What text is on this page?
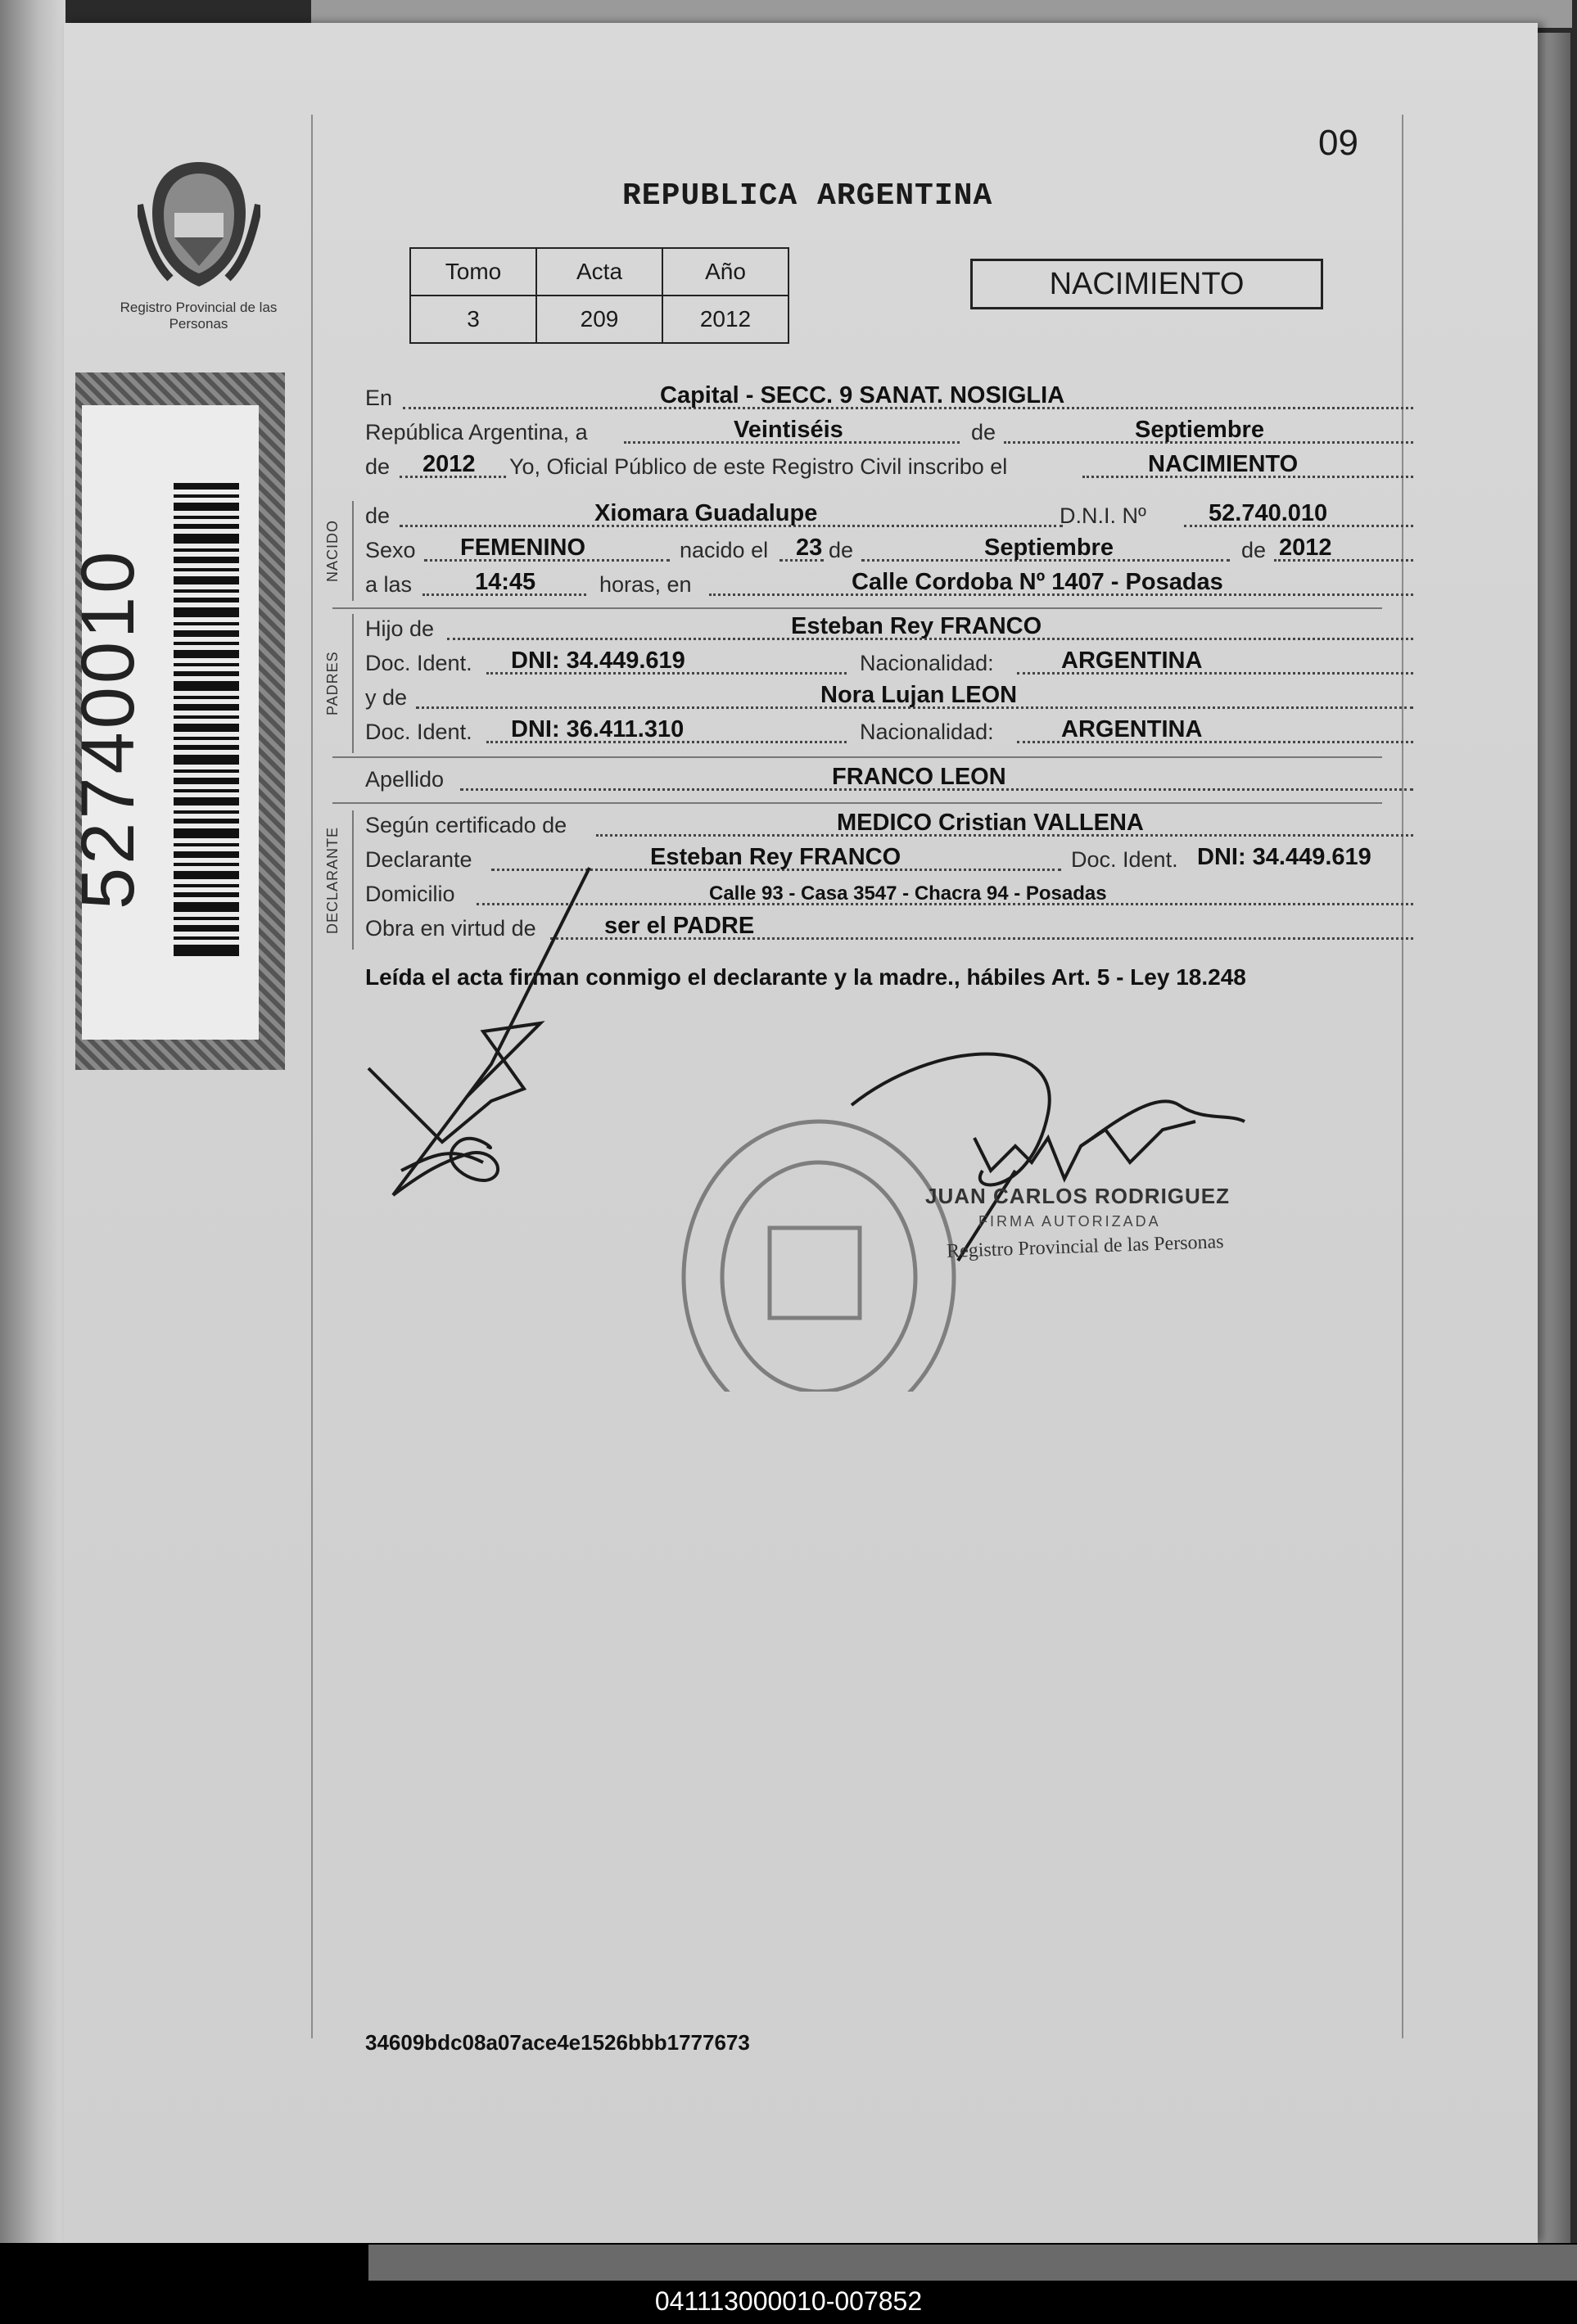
Registro Provincial de las Personas
52740010
09
REPUBLICA ARGENTINA
Tomo	Acta	Año
3	209	2012
NACIMIENTO
En	Capital - SECC. 9 SANAT. NOSIGLIA
República Argentina, a	Veintiséis	de	Septiembre
de 2012 Yo, Oficial Público de este Registro Civil inscribo el	NACIMIENTO
NACIDO
de	Xiomara Guadalupe	D.N.I. Nº	52.740.010
Sexo FEMENINO	nacido el 23 de	Septiembre	de 2012
a las	14:45	horas, en	Calle Cordoba Nº 1407 - Posadas
PADRES
Hijo de	Esteban Rey FRANCO
Doc. Ident. DNI: 34.449.619	Nacionalidad:	ARGENTINA
y de	Nora Lujan LEON
Doc. Ident. DNI: 36.411.310	Nacionalidad:	ARGENTINA
Apellido	FRANCO LEON
DECLARANTE
Según certificado de	MEDICO Cristian VALLENA
Declarante	Esteban Rey FRANCO	Doc. Ident. DNI: 34.449.619
Domicilio	Calle 93 - Casa 3547 - Chacra 94 - Posadas
Obra en virtud de	ser el PADRE
Leída el acta firman conmigo el declarante y la madre., hábiles Art. 5 - Ley 18.248
JUAN CARLOS RODRIGUEZ
FIRMA AUTORIZADA
Registro Provincial de las Personas
34609bdc08a07ace4e1526bbb1777673
041113000010-007852
